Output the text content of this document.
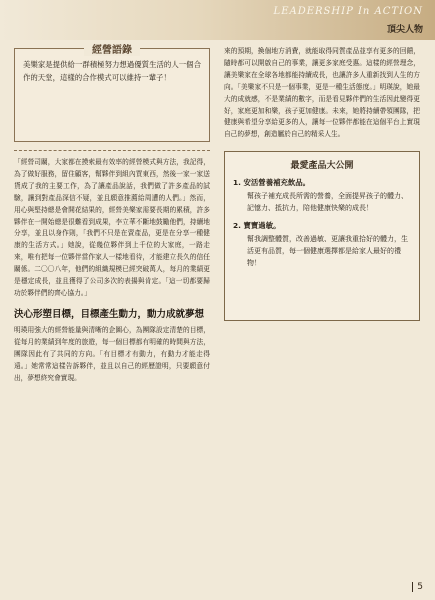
LEADERSHIP In ACTION
頂尖人物
經營語錄
美樂家是提供給一群積極努力想過優質生活的人一個合作的天堂，這樣的合作模式可以維持一輩子！

「經營司關，大家都在摸索最有效率的經營模式與方法，我記得，為了做好服務，留住顧客，幫夥伴到組內買東西，然後一家一家送貨成了我的主要工作，為了讓產品說話，我們做了許多產品的試驗，讓到對產品深信不疑，並且願意推薦給周遭的人們。」然而，用心與堅持總是會開花結果的，經營美樂家需要長期的累積，許多夥伴在一開始總是很難看到成果，李立華不斷地鼓勵他們，持續地分享，並且以身作則，「我們不只是在賣產品，更是在分享一種健康的生活方式。」她說，從幾位夥伴到上千位的大家庭，一路走來，唯有把每一位夥伴當作家人一樣地看待，才能建立長久的信任關係。二〇〇八年，他們的組織規模已經突破萬人，每月的業績更是穩定成長，並且獲得了公司多次的表揚與肯定。「這一切都要歸功於夥伴們的齊心協力。」

決心形塑目標，目標產生動力，動力成就夢想

明瑛用強大的經營能量與清晰的企圖心，為團隊設定清楚的目標，從每月的業績到年度的旅遊，每一個目標都有明確的時間與方法，團隊因此有了共同的方向。「有目標才有動力，有動力才能走得遠。」她常常這樣告訴夥伴，並且以自己的經歷證明，只要願意付出，夢想終究會實現。

來的預期，換個地方消費，就能取得同質產品並享有更多的回饋，隨時都可以開啟自己的事業，讓更多家庭受惠。這樣的經營理念，讓美樂家在全球各地都能持續成長，也讓許多人重新找到人生的方向。「美樂家不只是一個事業，更是一種生活態度。」明瑛說，她最大的成就感，不是業績的數字，而是看見夥伴們的生活因此變得更好，家庭更加和樂，孩子更加健康。未來，她將持續帶領團隊，把健康與希望分享給更多的人，讓每一位夥伴都能在這個平台上實現自己的夢想，創造屬於自己的精采人生。

最愛產品大公開
1. 安活營養補充飲品。
幫孩子補充成長所需的營養，全面提昇孩子的體力、記憶力、抵抗力，陪他健康快樂的成長！
2. 寶寶過敏。
幫我調整體質，改善過敏、更讓我重拾好的體力，生活更有品質，每一個健康選擇都是給家人最好的禮物！
5
